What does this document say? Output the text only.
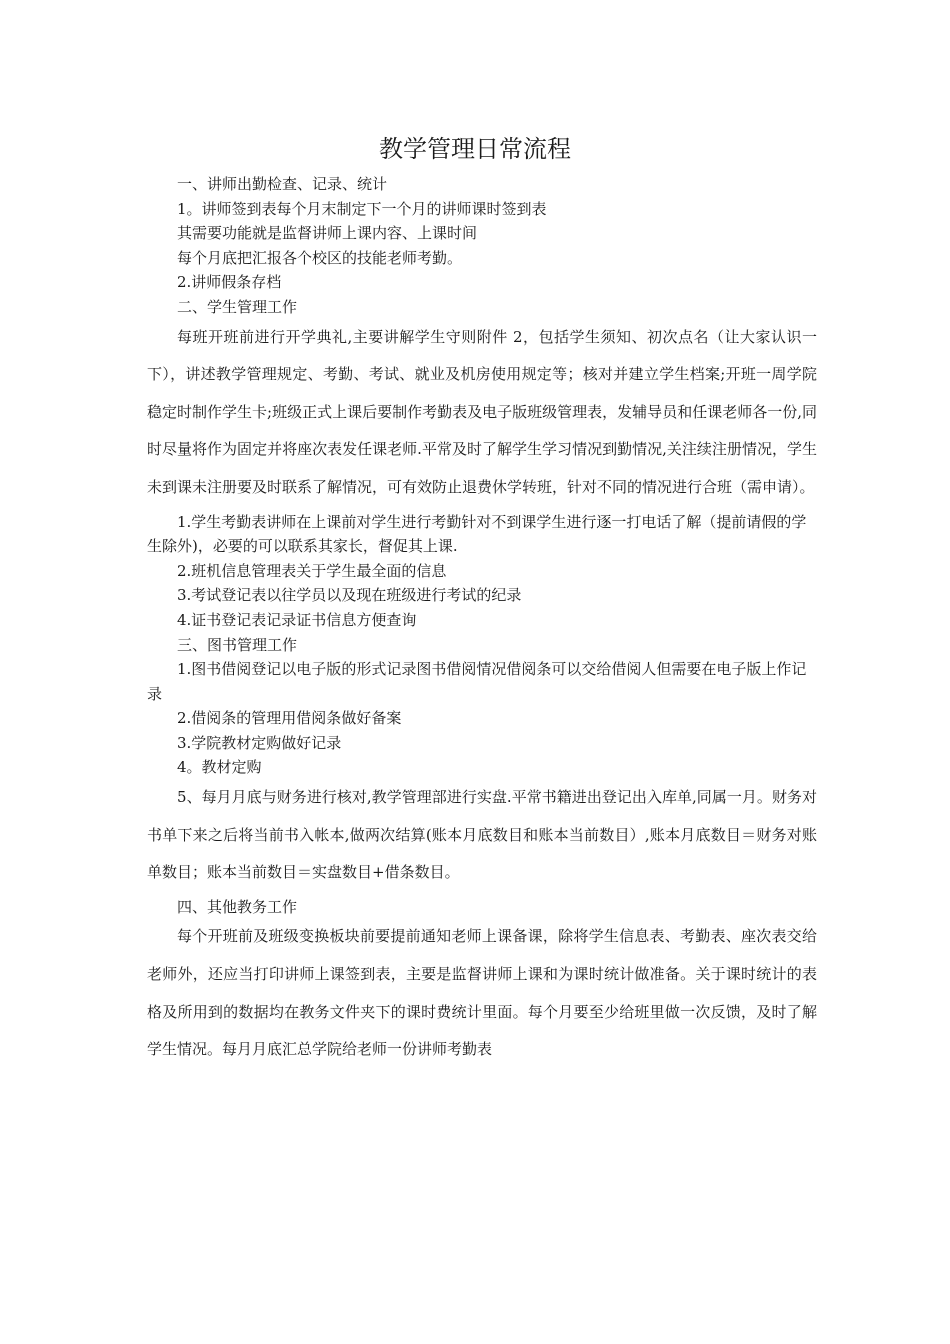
教学管理日常流程
一、讲师出勤检查、记录、统计
1。讲师签到表每个月末制定下一个月的讲师课时签到表
其需要功能就是监督讲师上课内容、上课时间
每个月底把汇报各个校区的技能老师考勤。
2.讲师假条存档
二、学生管理工作

每班开班前进行开学典礼,主要讲解学生守则附件 2，包括学生须知、初次点名（让大家认识一下），讲述教学管理规定、考勤、考试、就业及机房使用规定等；核对并建立学生档案;开班一周学院稳定时制作学生卡;班级正式上课后要制作考勤表及电子版班级管理表，发辅导员和任课老师各一份,同时尽量将作为固定并将座次表发任课老师.平常及时了解学生学习情况到勤情况,关注续注册情况，学生未到课未注册要及时联系了解情况，可有效防止退费休学转班，针对不同的情况进行合班（需申请）。

1.学生考勤表讲师在上课前对学生进行考勤针对不到课学生进行逐一打电话了解（提前请假的学生除外)，必要的可以联系其家长，督促其上课.

2.班机信息管理表关于学生最全面的信息
3.考试登记表以往学员以及现在班级进行考试的纪录
4.证书登记表记录证书信息方便查询
三、图书管理工作

1.图书借阅登记以电子版的形式记录图书借阅情况借阅条可以交给借阅人但需要在电子版上作记录

2.借阅条的管理用借阅条做好备案
3.学院教材定购做好记录
4。教材定购

5、每月月底与财务进行核对,教学管理部进行实盘.平常书籍进出登记出入库单,同属一月。财务对书单下来之后将当前书入帐本,做两次结算(账本月底数目和账本当前数目）,账本月底数目＝财务对账单数目；账本当前数目＝实盘数目+借条数目。

四、其他教务工作

每个开班前及班级变换板块前要提前通知老师上课备课，除将学生信息表、考勤表、座次表交给老师外，还应当打印讲师上课签到表，主要是监督讲师上课和为课时统计做准备。关于课时统计的表格及所用到的数据均在教务文件夹下的课时费统计里面。每个月要至少给班里做一次反馈，及时了解学生情况。每月月底汇总学院给老师一份讲师考勤表
